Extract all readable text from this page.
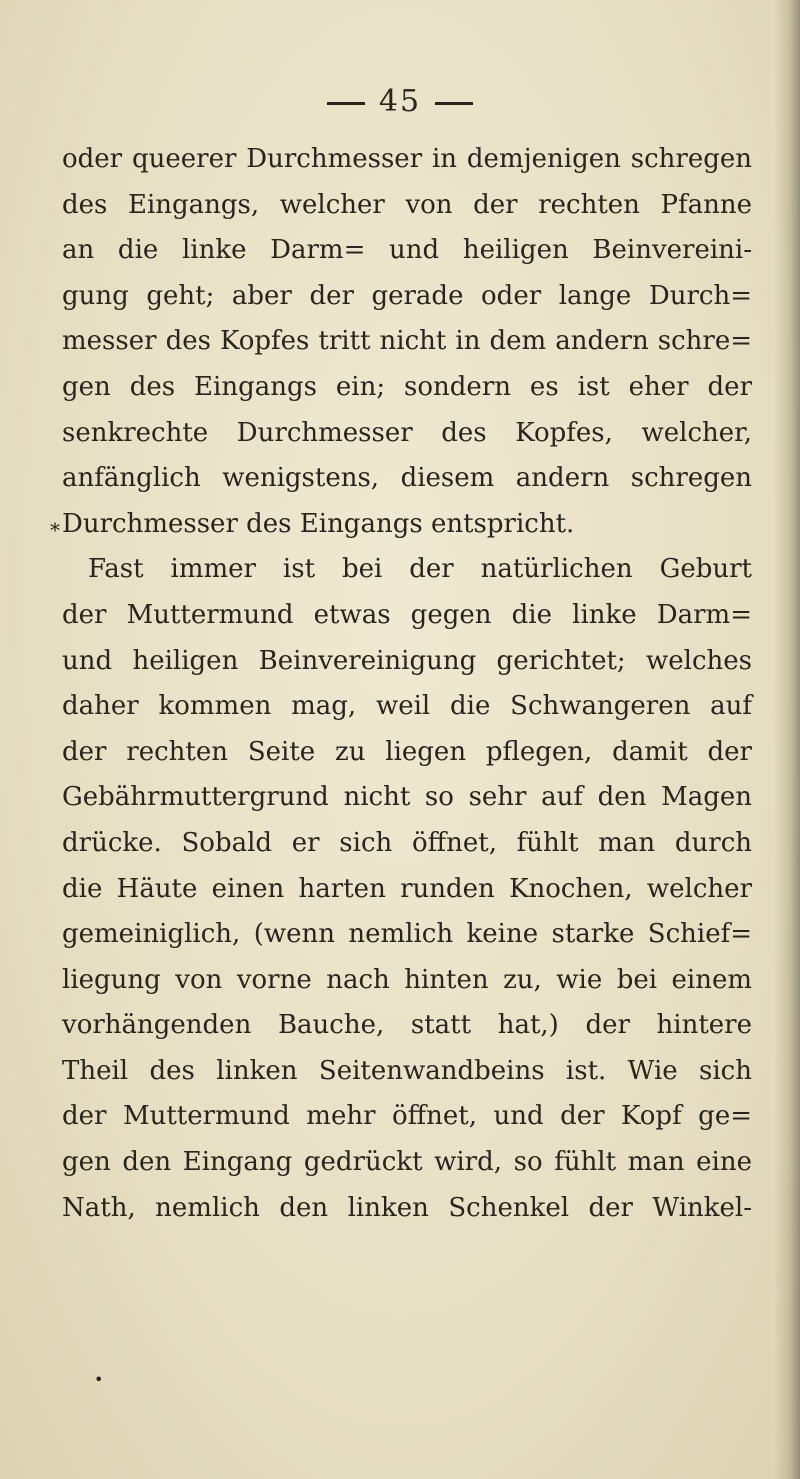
45
oder queerer Durchmesser in demjenigen schregen
des Eingangs, welcher von der rechten Pfanne
an die linke Darm= und heiligen Beinvereini-
gung geht; aber der gerade oder lange Durch=
messer des Kopfes tritt nicht in dem andern schre=
gen des Eingangs ein; sondern es ist eher der
senkrechte Durchmesser des Kopfes, welcher,
anfänglich wenigstens, diesem andern schregen
Durchmesser des Eingangs entspricht.
Fast immer ist bei der natürlichen Geburt
der Muttermund etwas gegen die linke Darm=
und heiligen Beinvereinigung gerichtet; welches
daher kommen mag, weil die Schwangeren auf
der rechten Seite zu liegen pflegen, damit der
Gebährmuttergrund nicht so sehr auf den Magen
drücke. Sobald er sich öffnet, fühlt man durch
die Häute einen harten runden Knochen, welcher
gemeiniglich, (wenn nemlich keine starke Schief=
liegung von vorne nach hinten zu, wie bei einem
vorhängenden Bauche, statt hat,) der hintere
Theil des linken Seitenwandbeins ist. Wie sich
der Muttermund mehr öffnet, und der Kopf ge=
gen den Eingang gedrückt wird, so fühlt man eine
Nath, nemlich den linken Schenkel der Winkel-
*
•
